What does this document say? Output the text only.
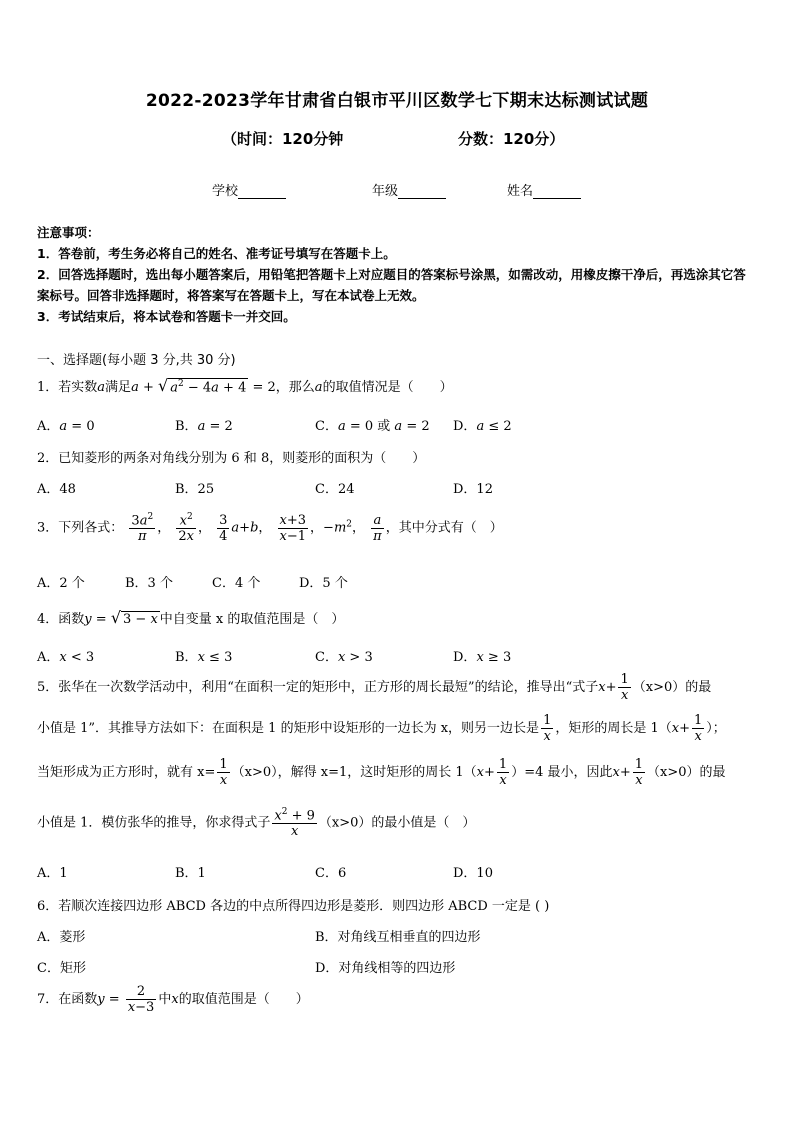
2022-2023学年甘肃省白银市平川区数学七下期末达标测试试题
（时间：120分钟	分数：120分）
学校	年级	姓名
注意事项：
1．答卷前，考生务必将自己的姓名、准考证号填写在答题卡上。
2．回答选择题时，选出每小题答案后，用铅笔把答题卡上对应题目的答案标号涂黑，如需改动，用橡皮擦干净后，再选涂其它答案标号。回答非选择题时，将答案写在答题卡上，写在本试卷上无效。
3．考试结束后，将本试卷和答题卡一并交回。
一、选择题(每小题 3 分,共 30 分)
1．若实数a满足a + √ $a^2 - 4a + 4 = 2$，那么a的取值情况是（　　）
A．a = 0	B．a = 2	C．a = 0 或 a = 2 D．a ≤ 2
2．已知菱形的两条对角线分别为 6 和 8，则菱形的面积为（　　）
A．48	B．25	C．24	D．12
3．下列各式： $\frac{3a^2}{\pi}$ ， $\frac{x^2}{2x}$ ， $\frac{3}{4} a+b$， $\frac{x+3}{x-1}$ ，$-m^2$， $\frac{a}{\pi}$ ，其中分式有（　）
A．2 个	B．3 个	C．4 个	D．5 个
4．函数y = √ 3 − x 中自变量 x 的取值范围是（　）
A．x < 3	B．x ≤ 3	C．x > 3	D．x ≥ 3
5．张华在一次数学活动中，利用“在面积一定的矩形中，正方形的周长最短”的结论，推导出“式子$x+ \frac{1}{x} (x>0)$的最
小值是 1”．其推导方法如下：在面积是 1 的矩形中设矩形的一边长为 x，则另一边长是 $\frac{1}{x}$ ，矩形的周长是 $1(x+ \frac{1}{x}$ ）；
当矩形成为正方形时，就有 $x= \frac{1}{x} (x>0)$，解得 x=1，这时矩形的周长 $1(x+ \frac{1}{x} )=4$ 最小，因此$x+ \frac{1}{x} (x>0)$的最
小值是 1．模仿张华的推导，你求得式子 $\frac{x^2 + 9}{x} (x>0)$的最小值是（　）
A．1	B．1	C．6	D．10
6．若顺次连接四边形 ABCD 各边的中点所得四边形是菱形．则四边形 ABCD 一定是 ( )
A．菱形	B．对角线互相垂直的四边形
C．矩形	D．对角线相等的四边形
7．在函数$y = \frac{2}{x-3}$ 中x的取值范围是（　　）
